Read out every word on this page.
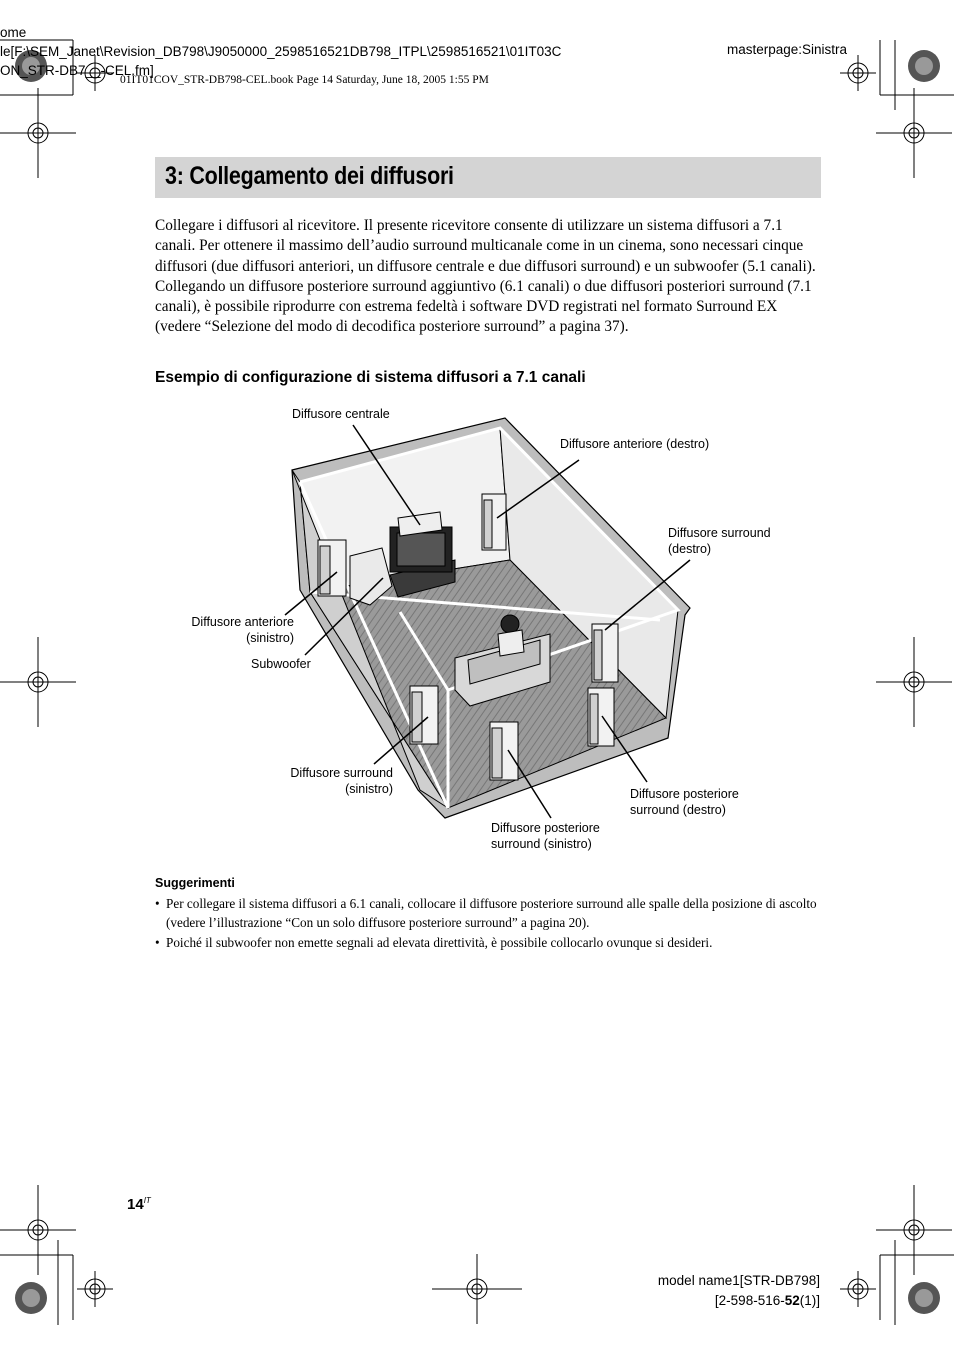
ome
le[F:\SEM_Janet\Revision_DB798\J9050000_2598516521DB798_ITPL\2598516521\01IT03C
ON_STR-DB7__-CEL.fm]
masterpage:Sinistra
01IT01COV_STR-DB798-CEL.book Page 14 Saturday, June 18, 2005 1:55 PM
3: Collegamento dei diffusori

Collegare i diffusori al ricevitore. Il presente ricevitore consente di utilizzare un sistema diffusori a 7.1 canali. Per ottenere il massimo dell’audio surround multicanale come in un cinema, sono necessari cinque diffusori (due diffusori anteriori, un diffusore centrale e due diffusori surround) e un subwoofer (5.1 canali).

Collegando un diffusore posteriore surround aggiuntivo (6.1 canali) o due diffusori posteriori surround (7.1 canali), è possibile riprodurre con estrema fedeltà i software DVD registrati nel formato Surround EX (vedere “Selezione del modo di decodifica posteriore surround” a pagina 37).

Esempio di configurazione di sistema diffusori a 7.1 canali
Diffusore centrale
Diffusore anteriore (destro)
Diffusore surround
(destro)
Diffusore anteriore
(sinistro)
Subwoofer
Diffusore surround
(sinistro)	Diffusore posteriore
surround (destro)
Diffusore posteriore
surround (sinistro)
Suggerimenti
• Per collegare il sistema diffusori a 6.1 canali, collocare il diffusore posteriore surround alle spalle della posizione di ascolto (vedere l’illustrazione “Con un solo diffusore posteriore surround” a pagina 20).
• Poiché il subwoofer non emette segnali ad elevata direttività, è possibile collocarlo ovunque si desideri.
$14^{IT}$
model name1[STR-DB798]
[2-598-516-52(1)]
